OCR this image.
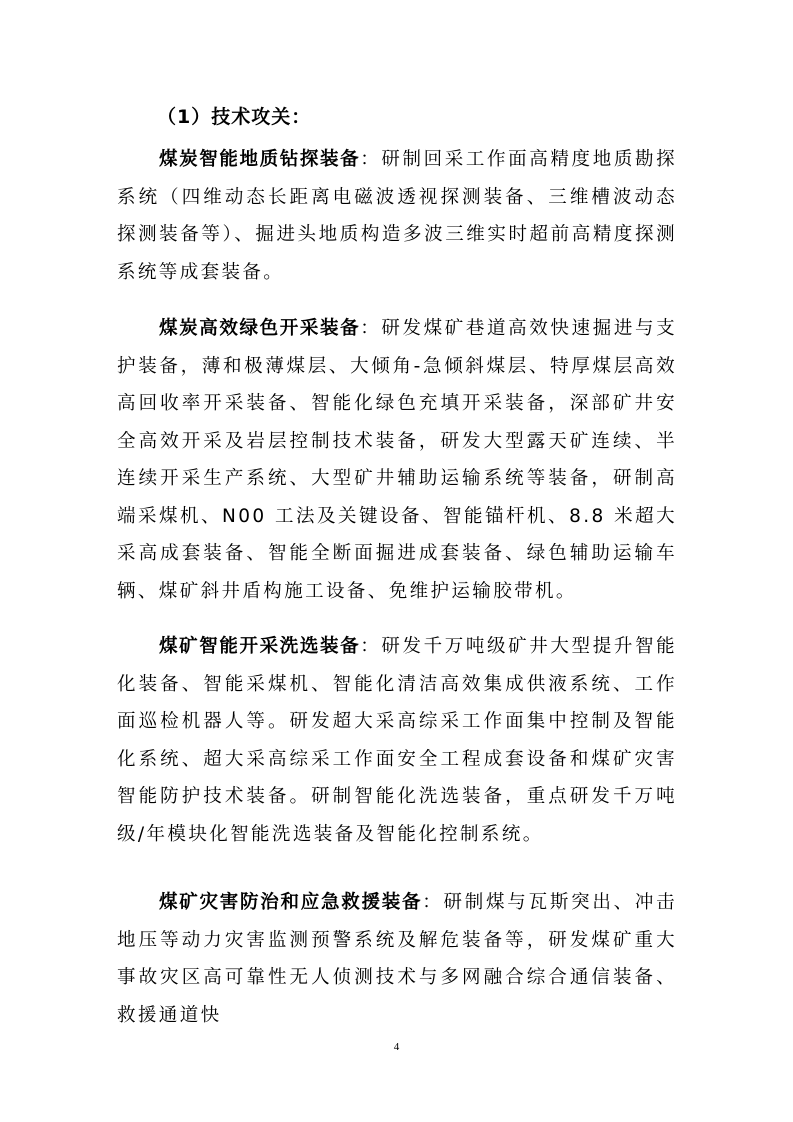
（1）技术攻关：

煤炭智能地质钻探装备：研制回采工作面高精度地质勘探系统（四维动态长距离电磁波透视探测装备、三维槽波动态探测装备等）、掘进头地质构造多波三维实时超前高精度探测系统等成套装备。

煤炭高效绿色开采装备：研发煤矿巷道高效快速掘进与支护装备，薄和极薄煤层、大倾角-急倾斜煤层、特厚煤层高效高回收率开采装备、智能化绿色充填开采装备，深部矿井安全高效开采及岩层控制技术装备，研发大型露天矿连续、半连续开采生产系统、大型矿井辅助运输系统等装备，研制高端采煤机、N00 工法及关键设备、智能锚杆机、8.8 米超大采高成套装备、智能全断面掘进成套装备、绿色辅助运输车辆、煤矿斜井盾构施工设备、免维护运输胶带机。

煤矿智能开采洗选装备：研发千万吨级矿井大型提升智能化装备、智能采煤机、智能化清洁高效集成供液系统、工作面巡检机器人等。研发超大采高综采工作面集中控制及智能化系统、超大采高综采工作面安全工程成套设备和煤矿灾害智能防护技术装备。研制智能化洗选装备，重点研发千万吨级/年模块化智能洗选装备及智能化控制系统。

煤矿灾害防治和应急救援装备：研制煤与瓦斯突出、冲击地压等动力灾害监测预警系统及解危装备等，研发煤矿重大事故灾区高可靠性无人侦测技术与多网融合综合通信装备、救援通道快

4
